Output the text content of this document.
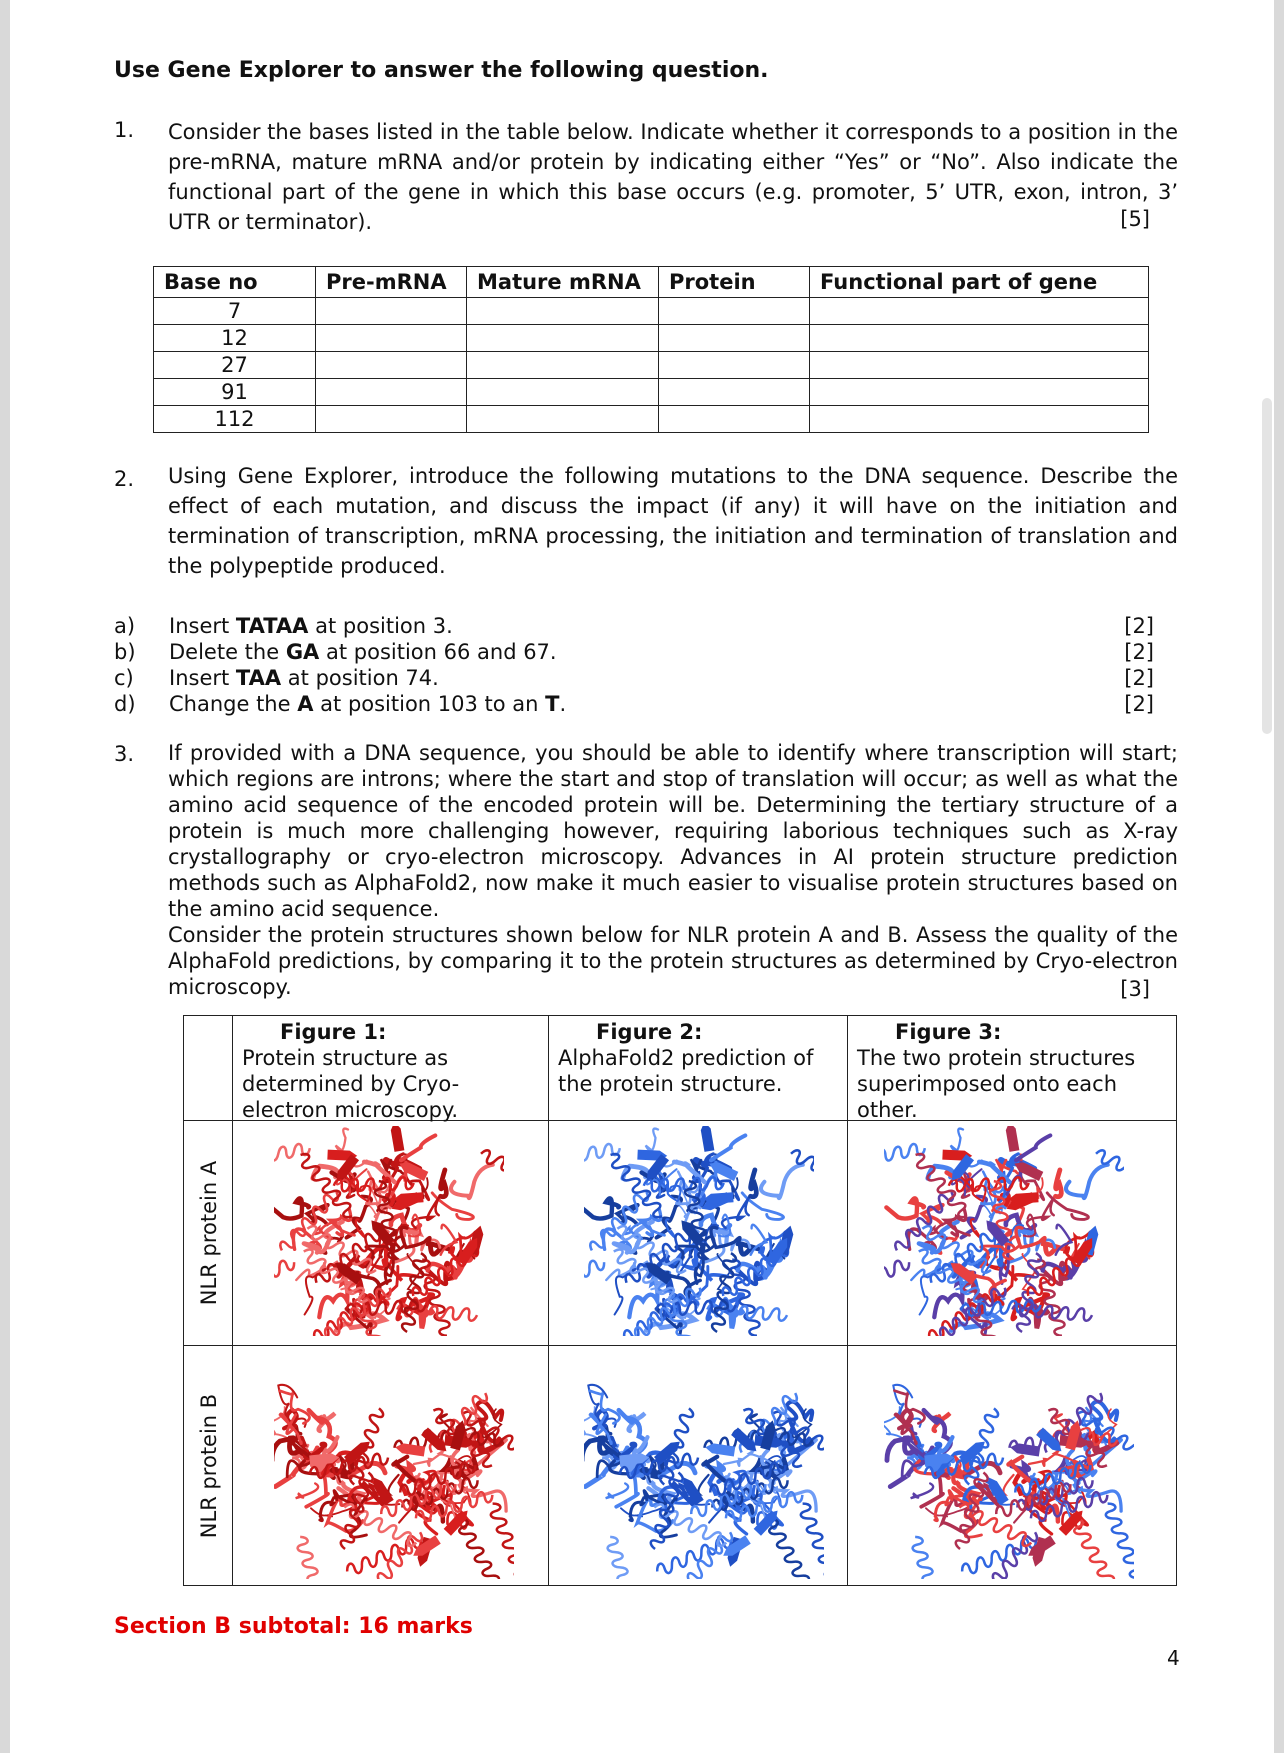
Use Gene Explorer to answer the following question.
1. Consider the bases listed in the table below. Indicate whether it corresponds to a position in the pre-mRNA, mature mRNA and/or protein by indicating either “Yes” or “No”. Also indicate the functional part of the gene in which this base occurs (e.g. promoter, 5’ UTR, exon, intron, 3’ UTR or terminator).	[5]
Base no	Pre-mRNA	Mature mRNA	Protein	Functional part of gene
7				
12				
27				
91				
112				
2. Using Gene Explorer, introduce the following mutations to the DNA sequence. Describe the effect of each mutation, and discuss the impact (if any) it will have on the initiation and termination of transcription, mRNA processing, the initiation and termination of translation and the polypeptide produced.
a) Insert TATAA at position 3.	[2]
b) Delete the GA at position 66 and 67.	[2]
c) Insert TAA at position 74.	[2]
d) Change the A at position 103 to an T.	[2]
3. If provided with a DNA sequence, you should be able to identify where transcription will start; which regions are introns; where the start and stop of translation will occur; as well as what the amino acid sequence of the encoded protein will be. Determining the tertiary structure of a protein is much more challenging however, requiring laborious techniques such as X-ray crystallography or cryo-electron microscopy. Advances in AI protein structure prediction methods such as AlphaFold2, now make it much easier to visualise protein structures based on the amino acid sequence.
Consider the protein structures shown below for NLR protein A and B. Assess the quality of the AlphaFold predictions, by comparing it to the protein structures as determined by Cryo-electron microscopy.	[3]
Figure 1:
Protein structure as determined by Cryo-electron microscopy.
Figure 2:
AlphaFold2 prediction of the protein structure.
Figure 3:
The two protein structures superimposed onto each other.
NLR protein A
NLR protein B
Section B subtotal: 16 marks
4
